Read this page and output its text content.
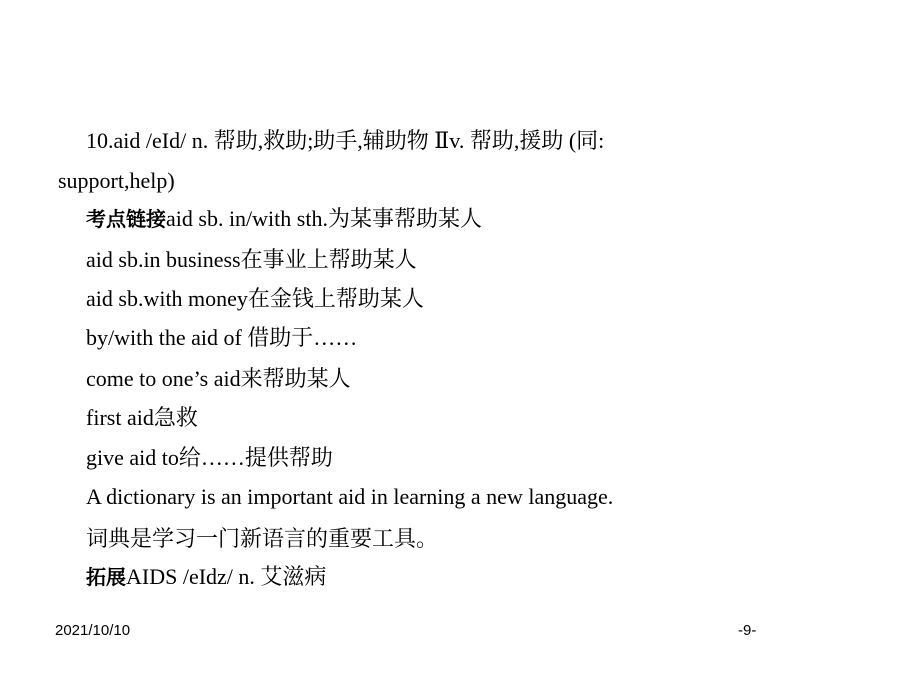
10.aid /eId/ n. 帮助,救助;助手,辅助物 Ⅱv. 帮助,援助 (同:
support,help)
考点链接aid sb. in/with sth.为某事帮助某人
aid sb.in business在事业上帮助某人
aid sb.with money在金钱上帮助某人
by/with the aid of 借助于……
come to one’s aid来帮助某人
first aid急救
give aid to给……提供帮助
A dictionary is an important aid in learning a new language.
词典是学习一门新语言的重要工具。
拓展AIDS /eIdz/ n. 艾滋病
2021/10/10	-9-
